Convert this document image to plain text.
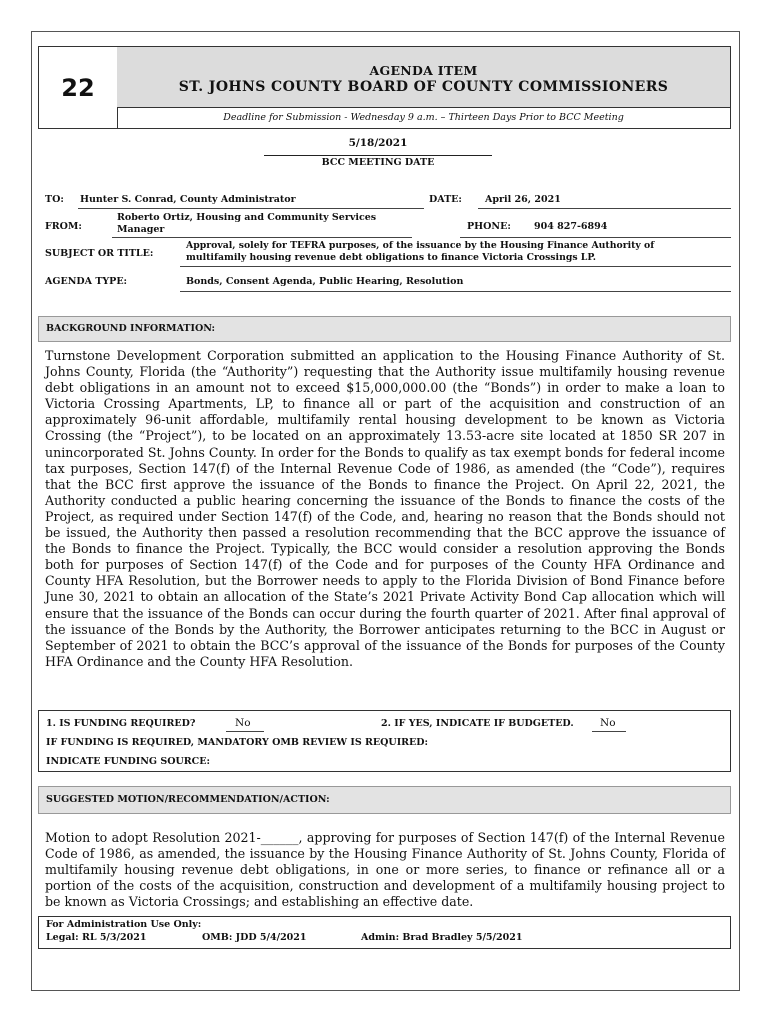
22
AGENDA ITEM
ST. JOHNS COUNTY BOARD OF COUNTY COMMISSIONERS
Deadline for Submission - Wednesday 9 a.m. – Thirteen Days Prior to BCC Meeting
5/18/2021
BCC MEETING DATE
TO: Hunter S. Conrad, County Administrator	DATE: April 26, 2021
FROM:
Roberto Ortiz, Housing and Community Services
Manager	PHONE: 904 827-6894
SUBJECT OR TITLE:
Approval, solely for TEFRA purposes, of the issuance by the Housing Finance Authority of
multifamily housing revenue debt obligations to finance Victoria Crossings LP.
AGENDA TYPE:	Bonds, Consent Agenda, Public Hearing, Resolution
BACKGROUND INFORMATION:

Turnstone Development Corporation submitted an application to the Housing Finance Authority of St. Johns County, Florida (the “Authority”) requesting that the Authority issue multifamily housing revenue debt obligations in an amount not to exceed $15,000,000.00 (the “Bonds”) in order to make a loan to Victoria Crossing Apartments, LP, to finance all or part of the acquisition and construction of an approximately 96-unit affordable, multifamily rental housing development to be known as Victoria Crossing (the “Project”), to be located on an approximately 13.53-acre site located at 1850 SR 207 in unincorporated St. Johns County. In order for the Bonds to qualify as tax exempt bonds for federal income tax purposes, Section 147(f) of the Internal Revenue Code of 1986, as amended (the “Code”), requires that the BCC first approve the issuance of the Bonds to finance the Project. On April 22, 2021, the Authority conducted a public hearing concerning the issuance of the Bonds to finance the costs of the Project, as required under Section 147(f) of the Code, and, hearing no reason that the Bonds should not be issued, the Authority then passed a resolution recommending that the BCC approve the issuance of the Bonds to finance the Project. Typically, the BCC would consider a resolution approving the Bonds both for purposes of Section 147(f) of the Code and for purposes of the County HFA Ordinance and County HFA Resolution, but the Borrower needs to apply to the Florida Division of Bond Finance before June 30, 2021 to obtain an allocation of the State’s 2021 Private Activity Bond Cap allocation which will ensure that the issuance of the Bonds can occur during the fourth quarter of 2021. After final approval of the issuance of the Bonds by the Authority, the Borrower anticipates returning to the BCC in August or September of 2021 to obtain the BCC’s approval of the issuance of the Bonds for purposes of the County HFA Ordinance and the County HFA Resolution.

1. IS FUNDING REQUIRED?	No	2. IF YES, INDICATE IF BUDGETED.	No
IF FUNDING IS REQUIRED, MANDATORY OMB REVIEW IS REQUIRED:
INDICATE FUNDING SOURCE:
SUGGESTED MOTION/RECOMMENDATION/ACTION:

Motion to adopt Resolution 2021-______, approving for purposes of Section 147(f) of the Internal Revenue Code of 1986, as amended, the issuance by the Housing Finance Authority of St. Johns County, Florida of multifamily housing revenue debt obligations, in one or more series, to finance or refinance all or a portion of the costs of the acquisition, construction and development of a multifamily housing project to be known as Victoria Crossings; and establishing an effective date.

For Administration Use Only:
Legal: RL 5/3/2021	OMB: JDD 5/4/2021	Admin: Brad Bradley 5/5/2021
